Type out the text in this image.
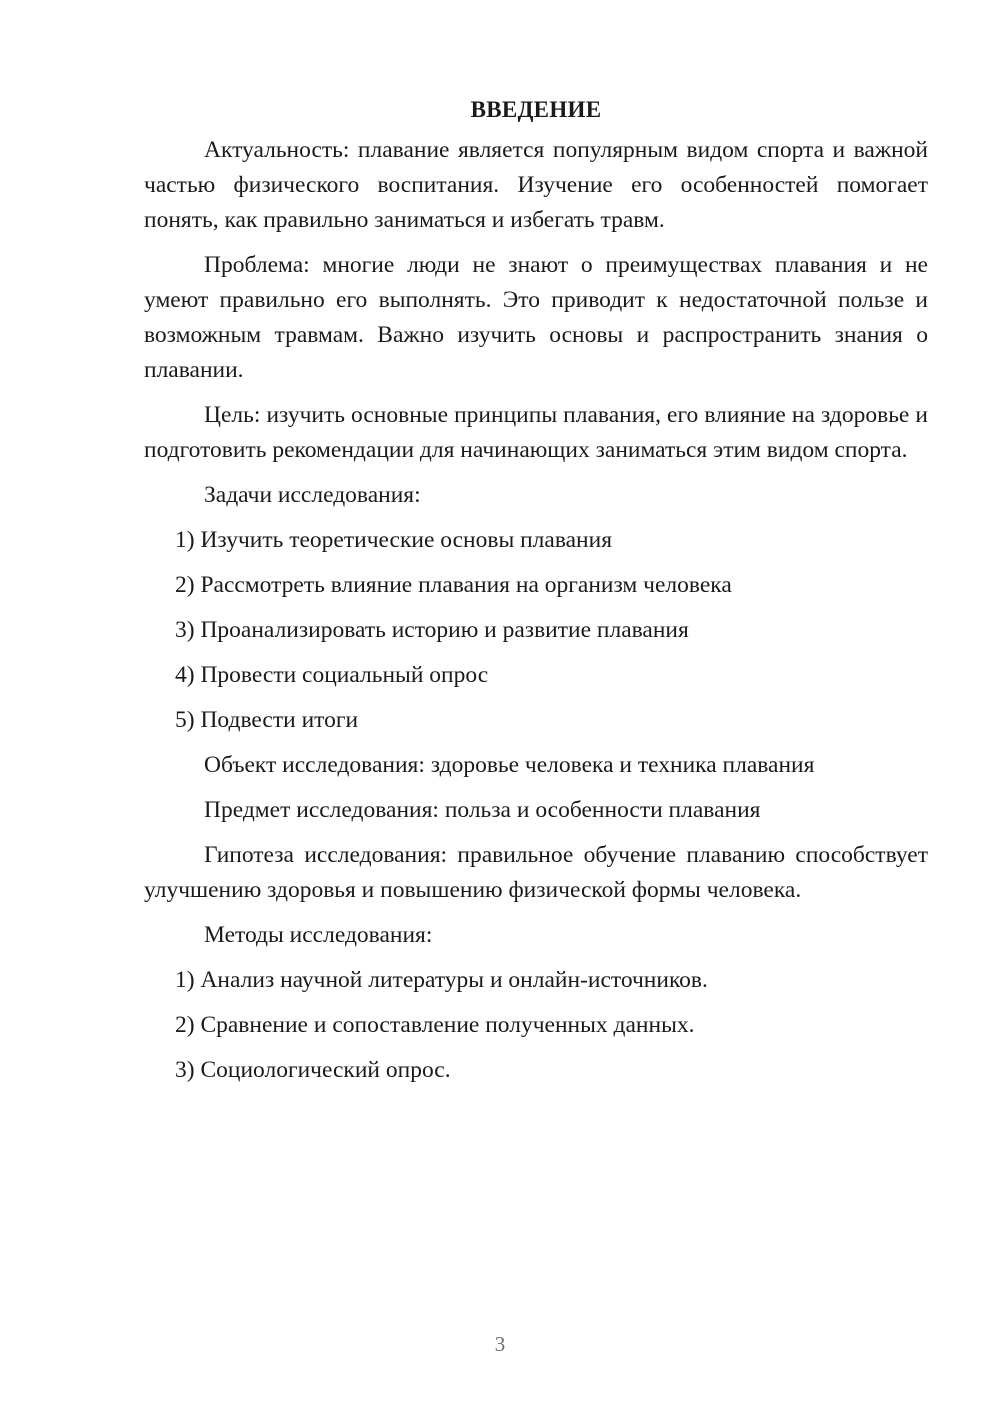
ВВЕДЕНИЕ

Актуальность: плавание является популярным видом спорта и важной частью физического воспитания. Изучение его особенностей помогает понять, как правильно заниматься и избегать травм.

Проблема: многие люди не знают о преимуществах плавания и не умеют правильно его выполнять. Это приводит к недостаточной пользе и возможным травмам. Важно изучить основы и распространить знания о плавании.

Цель: изучить основные принципы плавания, его влияние на здоровье и подготовить рекомендации для начинающих заниматься этим видом спорта.

Задачи исследования:
1) Изучить теоретические основы плавания
2) Рассмотреть влияние плавания на организм человека
3) Проанализировать историю и развитие плавания
4) Провести социальный опрос
5) Подвести итоги
Объект исследования: здоровье человека и техника плавания
Предмет исследования: польза и особенности плавания

Гипотеза исследования: правильное обучение плаванию способствует улучшению здоровья и повышению физической формы человека.

Методы исследования:
1) Анализ научной литературы и онлайн-источников.
2) Сравнение и сопоставление полученных данных.
3) Социологический опрос.
3
